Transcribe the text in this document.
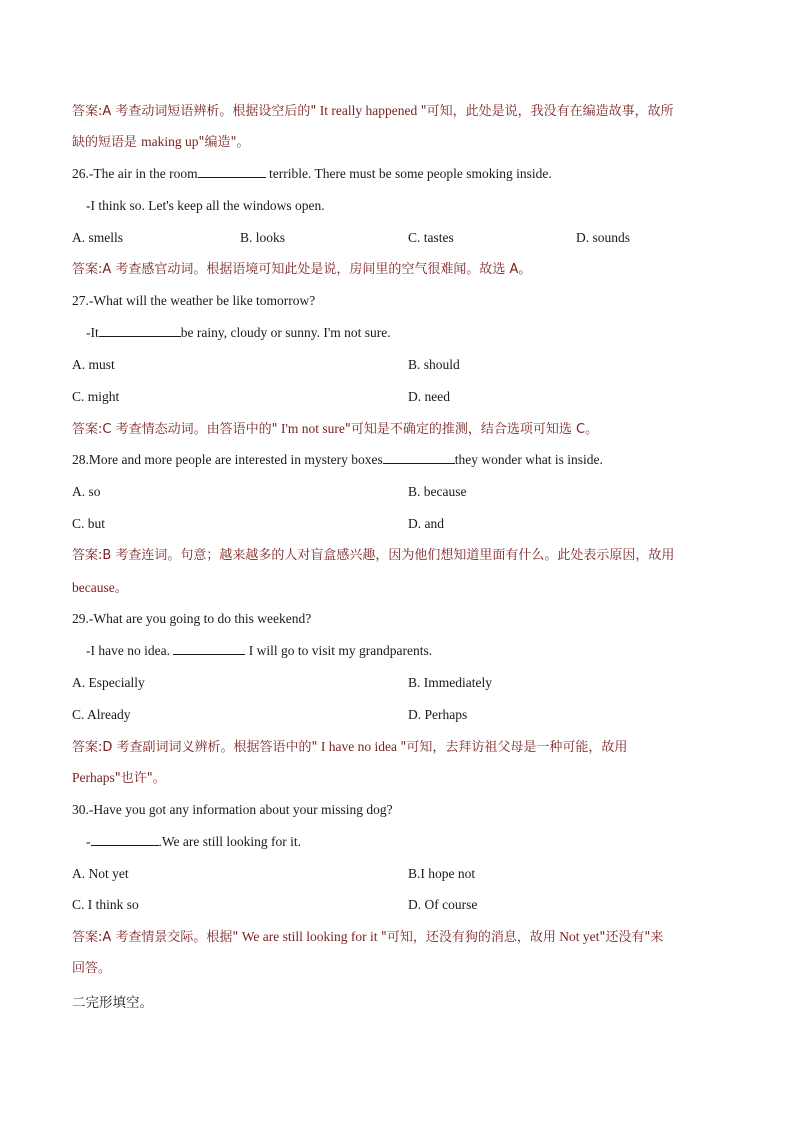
答案:A 考查动词短语辨析。根据设空后的" It really happened "可知，此处是说，我没有在编造故事，故所
缺的短语是 making up"编造"。
26.-The air in the room	terrible. There must be some people smoking inside.
-I think so. Let's keep all the windows open.
A. smells	B. looks	C. tastes	D. sounds
答案:A 考查感官动词。根据语境可知此处是说，房间里的空气很难闻。故选 A。
27.-What will the weather be like tomorrow?
-It	be rainy, cloudy or sunny. I'm not sure.
A. must	B. should
C. might	D. need
答案:C 考查情态动词。由答语中的" I'm not sure"可知是不确定的推测，结合选项可知选 C。
28.More and more people are interested in mystery boxes	they wonder what is inside.
A. so	B. because
C. but	D. and
答案:B 考查连词。句意；越来越多的人对盲盒感兴趣，因为他们想知道里面有什么。此处表示原因，故用
because。
29.-What are you going to do this weekend?
-I have no idea.	I will go to visit my grandparents.
A. Especially	B. Immediately
C. Already	D. Perhaps
答案:D 考查副词词义辨析。根据答语中的" I have no idea "可知，去拜访祖父母是一种可能，故用
Perhaps"也许"。
30.-Have you got any information about your missing dog?
-	.We are still looking for it.
A. Not yet	B.I hope not
C. I think so	D. Of course
答案:A 考查情景交际。根据" We are still looking for it "可知，还没有狗的消息，故用 Not yet"还没有"来
回答。
二完形填空。
